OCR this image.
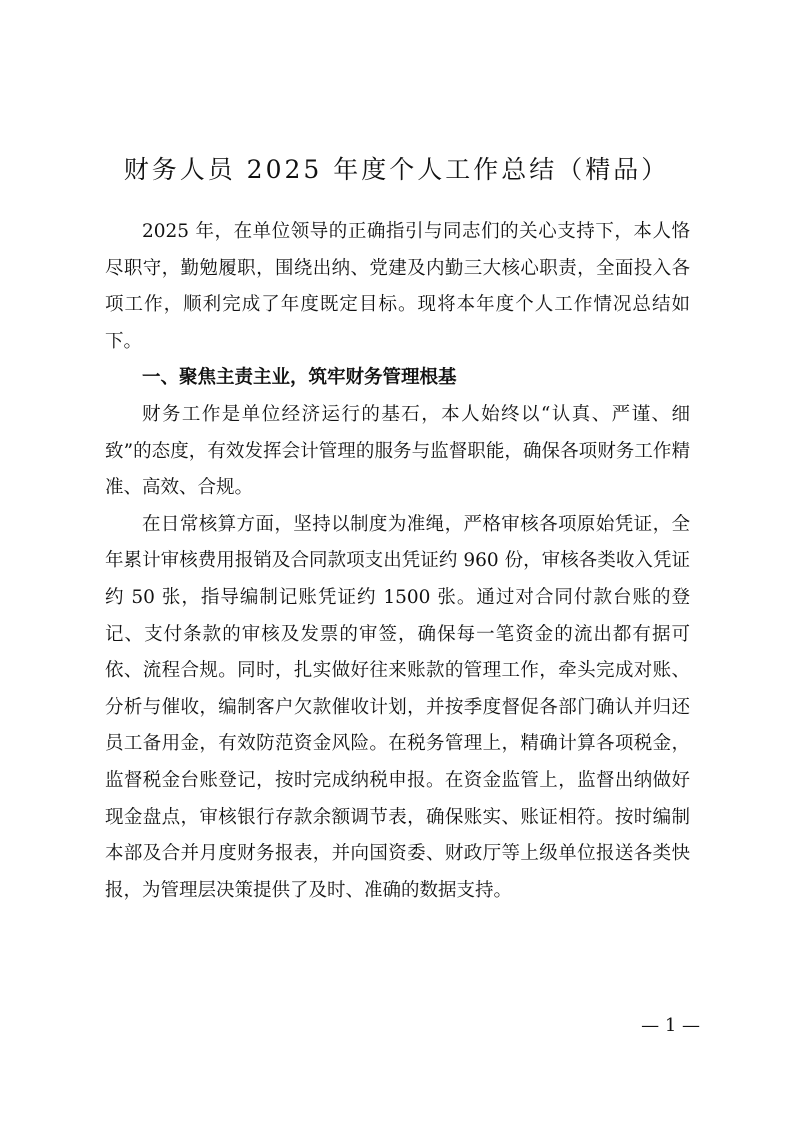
财务人员 2025 年度个人工作总结（精品）

2025 年，在单位领导的正确指引与同志们的关心支持下，本人恪尽职守，勤勉履职，围绕出纳、党建及内勤三大核心职责，全面投入各项工作，顺利完成了年度既定目标。现将本年度个人工作情况总结如下。

一、聚焦主责主业，筑牢财务管理根基

财务工作是单位经济运行的基石，本人始终以“认真、严谨、细致”的态度，有效发挥会计管理的服务与监督职能，确保各项财务工作精准、高效、合规。

在日常核算方面，坚持以制度为准绳，严格审核各项原始凭证，全年累计审核费用报销及合同款项支出凭证约 960 份，审核各类收入凭证约 50 张，指导编制记账凭证约 1500 张。通过对合同付款台账的登记、支付条款的审核及发票的审签，确保每一笔资金的流出都有据可依、流程合规。同时，扎实做好往来账款的管理工作，牵头完成对账、分析与催收，编制客户欠款催收计划，并按季度督促各部门确认并归还员工备用金，有效防范资金风险。在税务管理上，精确计算各项税金，监督税金台账登记，按时完成纳税申报。在资金监管上，监督出纳做好现金盘点，审核银行存款余额调节表，确保账实、账证相符。按时编制本部及合并月度财务报表，并向国资委、财政厅等上级单位报送各类快报，为管理层决策提供了及时、准确的数据支持。

— 1 —
